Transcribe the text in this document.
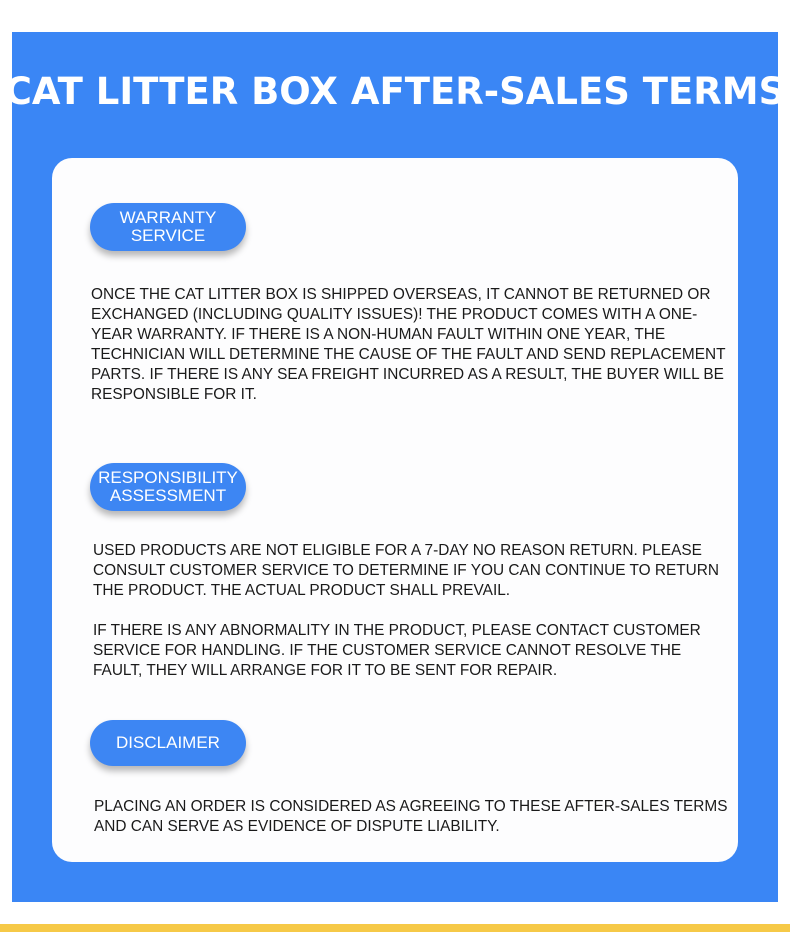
CAT LITTER BOX AFTER-SALES TERMS
WARRANTY
SERVICE

ONCE THE CAT LITTER BOX IS SHIPPED OVERSEAS, IT CANNOT BE RETURNED OR EXCHANGED (INCLUDING QUALITY ISSUES)! THE PRODUCT COMES WITH A ONE-YEAR WARRANTY. IF THERE IS A NON-HUMAN FAULT WITHIN ONE YEAR, THE TECHNICIAN WILL DETERMINE THE CAUSE OF THE FAULT AND SEND REPLACEMENT PARTS. IF THERE IS ANY SEA FREIGHT INCURRED AS A RESULT, THE BUYER WILL BE RESPONSIBLE FOR IT.

RESPONSIBILITY
ASSESSMENT

USED PRODUCTS ARE NOT ELIGIBLE FOR A 7-DAY NO REASON RETURN. PLEASE CONSULT CUSTOMER SERVICE TO DETERMINE IF YOU CAN CONTINUE TO RETURN THE PRODUCT. THE ACTUAL PRODUCT SHALL PREVAIL.

IF THERE IS ANY ABNORMALITY IN THE PRODUCT, PLEASE CONTACT CUSTOMER SERVICE FOR HANDLING. IF THE CUSTOMER SERVICE CANNOT RESOLVE THE FAULT, THEY WILL ARRANGE FOR IT TO BE SENT FOR REPAIR.

DISCLAIMER

PLACING AN ORDER IS CONSIDERED AS AGREEING TO THESE AFTER-SALES TERMS AND CAN SERVE AS EVIDENCE OF DISPUTE LIABILITY.
